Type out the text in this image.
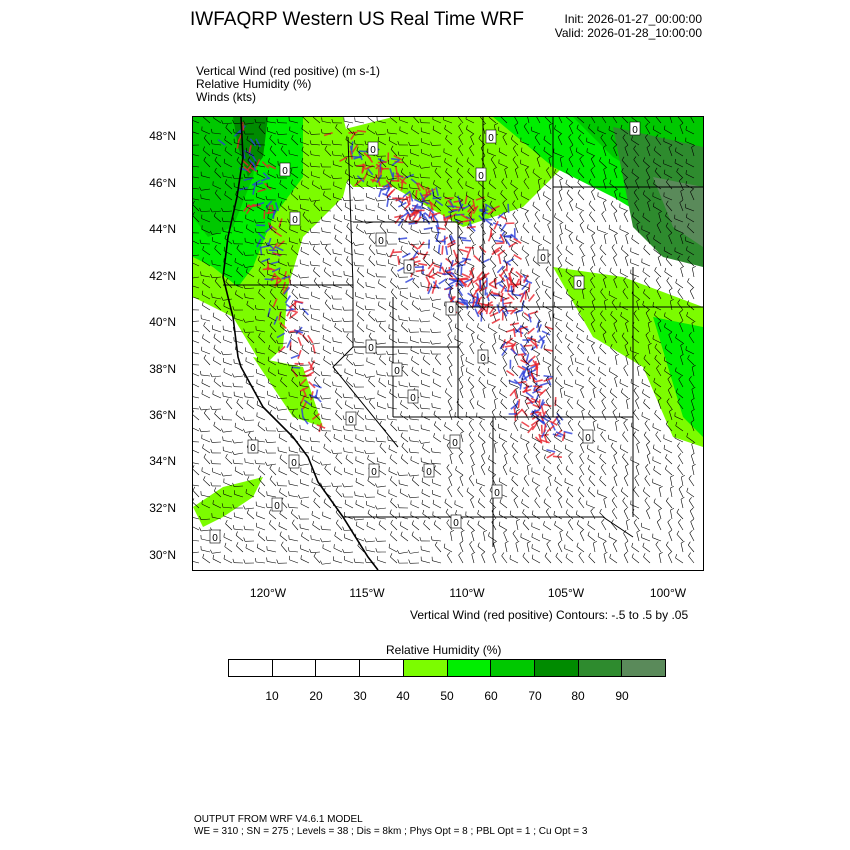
IWFAQRP Western US Real Time WRF	Init: 2026-01-27_00:00:00
Valid: 2026-01-28_10:00:00
Vertical Wind (red positive) (m s-1)
Relative Humidity (%)
Winds (kts)
0
0
0
0
0
0
0
0
0
0
0
0
0
0
0
0
0
0
0
0
0
0
0
0
0
0
48°N
46°N
44°N
42°N
40°N
38°N
36°N
34°N
32°N
30°N
120°W	115°W	110°W	105°W	100°W
Vertical Wind (red positive) Contours: -.5 to .5 by .05
Relative Humidity (%)
10	20	30	40	50	60	70	80	90
OUTPUT FROM WRF V4.6.1 MODEL
WE = 310 ; SN = 275 ; Levels = 38 ; Dis = 8km ; Phys Opt = 8 ; PBL Opt = 1 ; Cu Opt = 3
